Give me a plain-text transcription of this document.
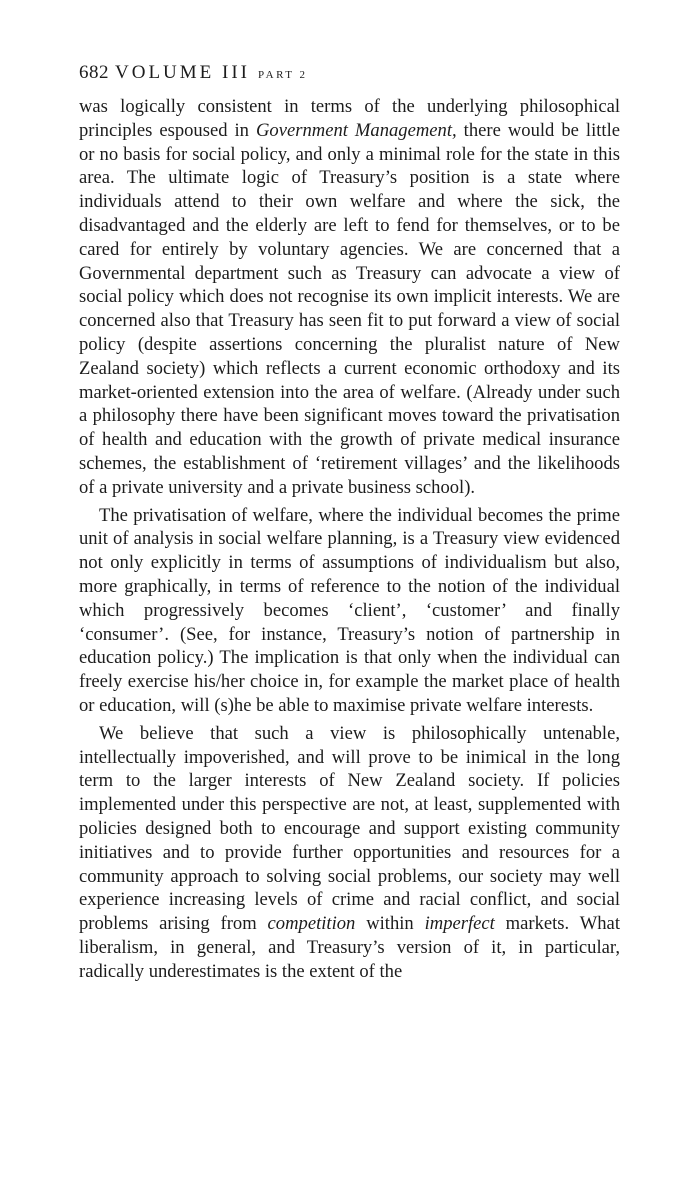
682 VOLUME III PART 2

was logically consistent in terms of the underlying philosophical principles espoused in Government Management, there would be little or no basis for social policy, and only a minimal role for the state in this area. The ultimate logic of Treasury’s position is a state where individuals attend to their own welfare and where the sick, the disadvantaged and the elderly are left to fend for themselves, or to be cared for entirely by voluntary agencies. We are concerned that a Governmental department such as Treasury can advocate a view of social policy which does not recognise its own implicit interests. We are concerned also that Treasury has seen fit to put forward a view of social policy (despite assertions concerning the pluralist nature of New Zealand society) which reflects a current economic orthodoxy and its market-oriented extension into the area of welfare. (Already under such a philosophy there have been significant moves toward the privatisation of health and education with the growth of private medical insurance schemes, the establishment of ‘retirement villages’ and the likelihoods of a private university and a private business school).

The privatisation of welfare, where the individual becomes the prime unit of analysis in social welfare planning, is a Treasury view evidenced not only explicitly in terms of assumptions of individualism but also, more graphically, in terms of reference to the notion of the individual which progressively becomes ‘client’, ‘customer’ and finally ‘consumer’. (See, for instance, Treasury’s notion of partnership in education policy.) The implication is that only when the individual can freely exercise his/her choice in, for example the market place of health or education, will (s)he be able to maximise private welfare interests.

We believe that such a view is philosophically untenable, intellectually impoverished, and will prove to be inimical in the long term to the larger interests of New Zealand society. If policies implemented under this perspective are not, at least, supplemented with policies designed both to encourage and support existing community initiatives and to provide further opportunities and resources for a community approach to solving social problems, our society may well experience increasing levels of crime and racial conflict, and social problems arising from competition within imperfect markets. What liberalism, in general, and Treasury’s version of it, in particular, radically underestimates is the extent of the
